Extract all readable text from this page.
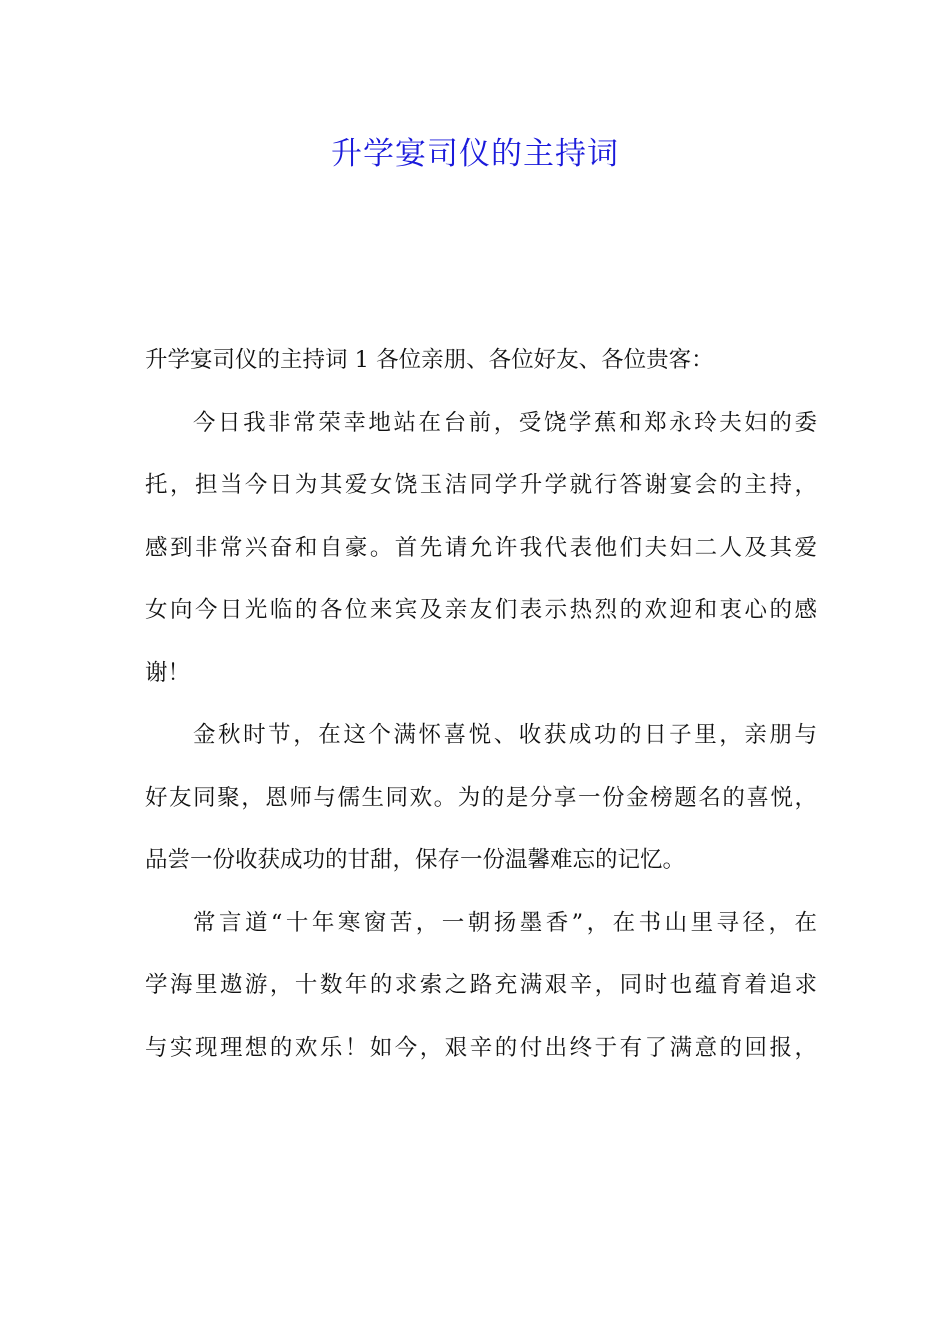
升学宴司仪的主持词
升学宴司仪的主持词 1 各位亲朋、各位好友、各位贵客：
今日我非常荣幸地站在台前，受饶学蕉和郑永玲夫妇的委
托，担当今日为其爱女饶玉洁同学升学就行答谢宴会的主持，
感到非常兴奋和自豪。首先请允许我代表他们夫妇二人及其爱
女向今日光临的各位来宾及亲友们表示热烈的欢迎和衷心的感
谢！
金秋时节，在这个满怀喜悦、收获成功的日子里，亲朋与
好友同聚，恩师与儒生同欢。为的是分享一份金榜题名的喜悦，
品尝一份收获成功的甘甜，保存一份温馨难忘的记忆。
常言道“十年寒窗苦，一朝扬墨香”，在书山里寻径，在
学海里遨游，十数年的求索之路充满艰辛，同时也蕴育着追求
与实现理想的欢乐！如今，艰辛的付出终于有了满意的回报，
